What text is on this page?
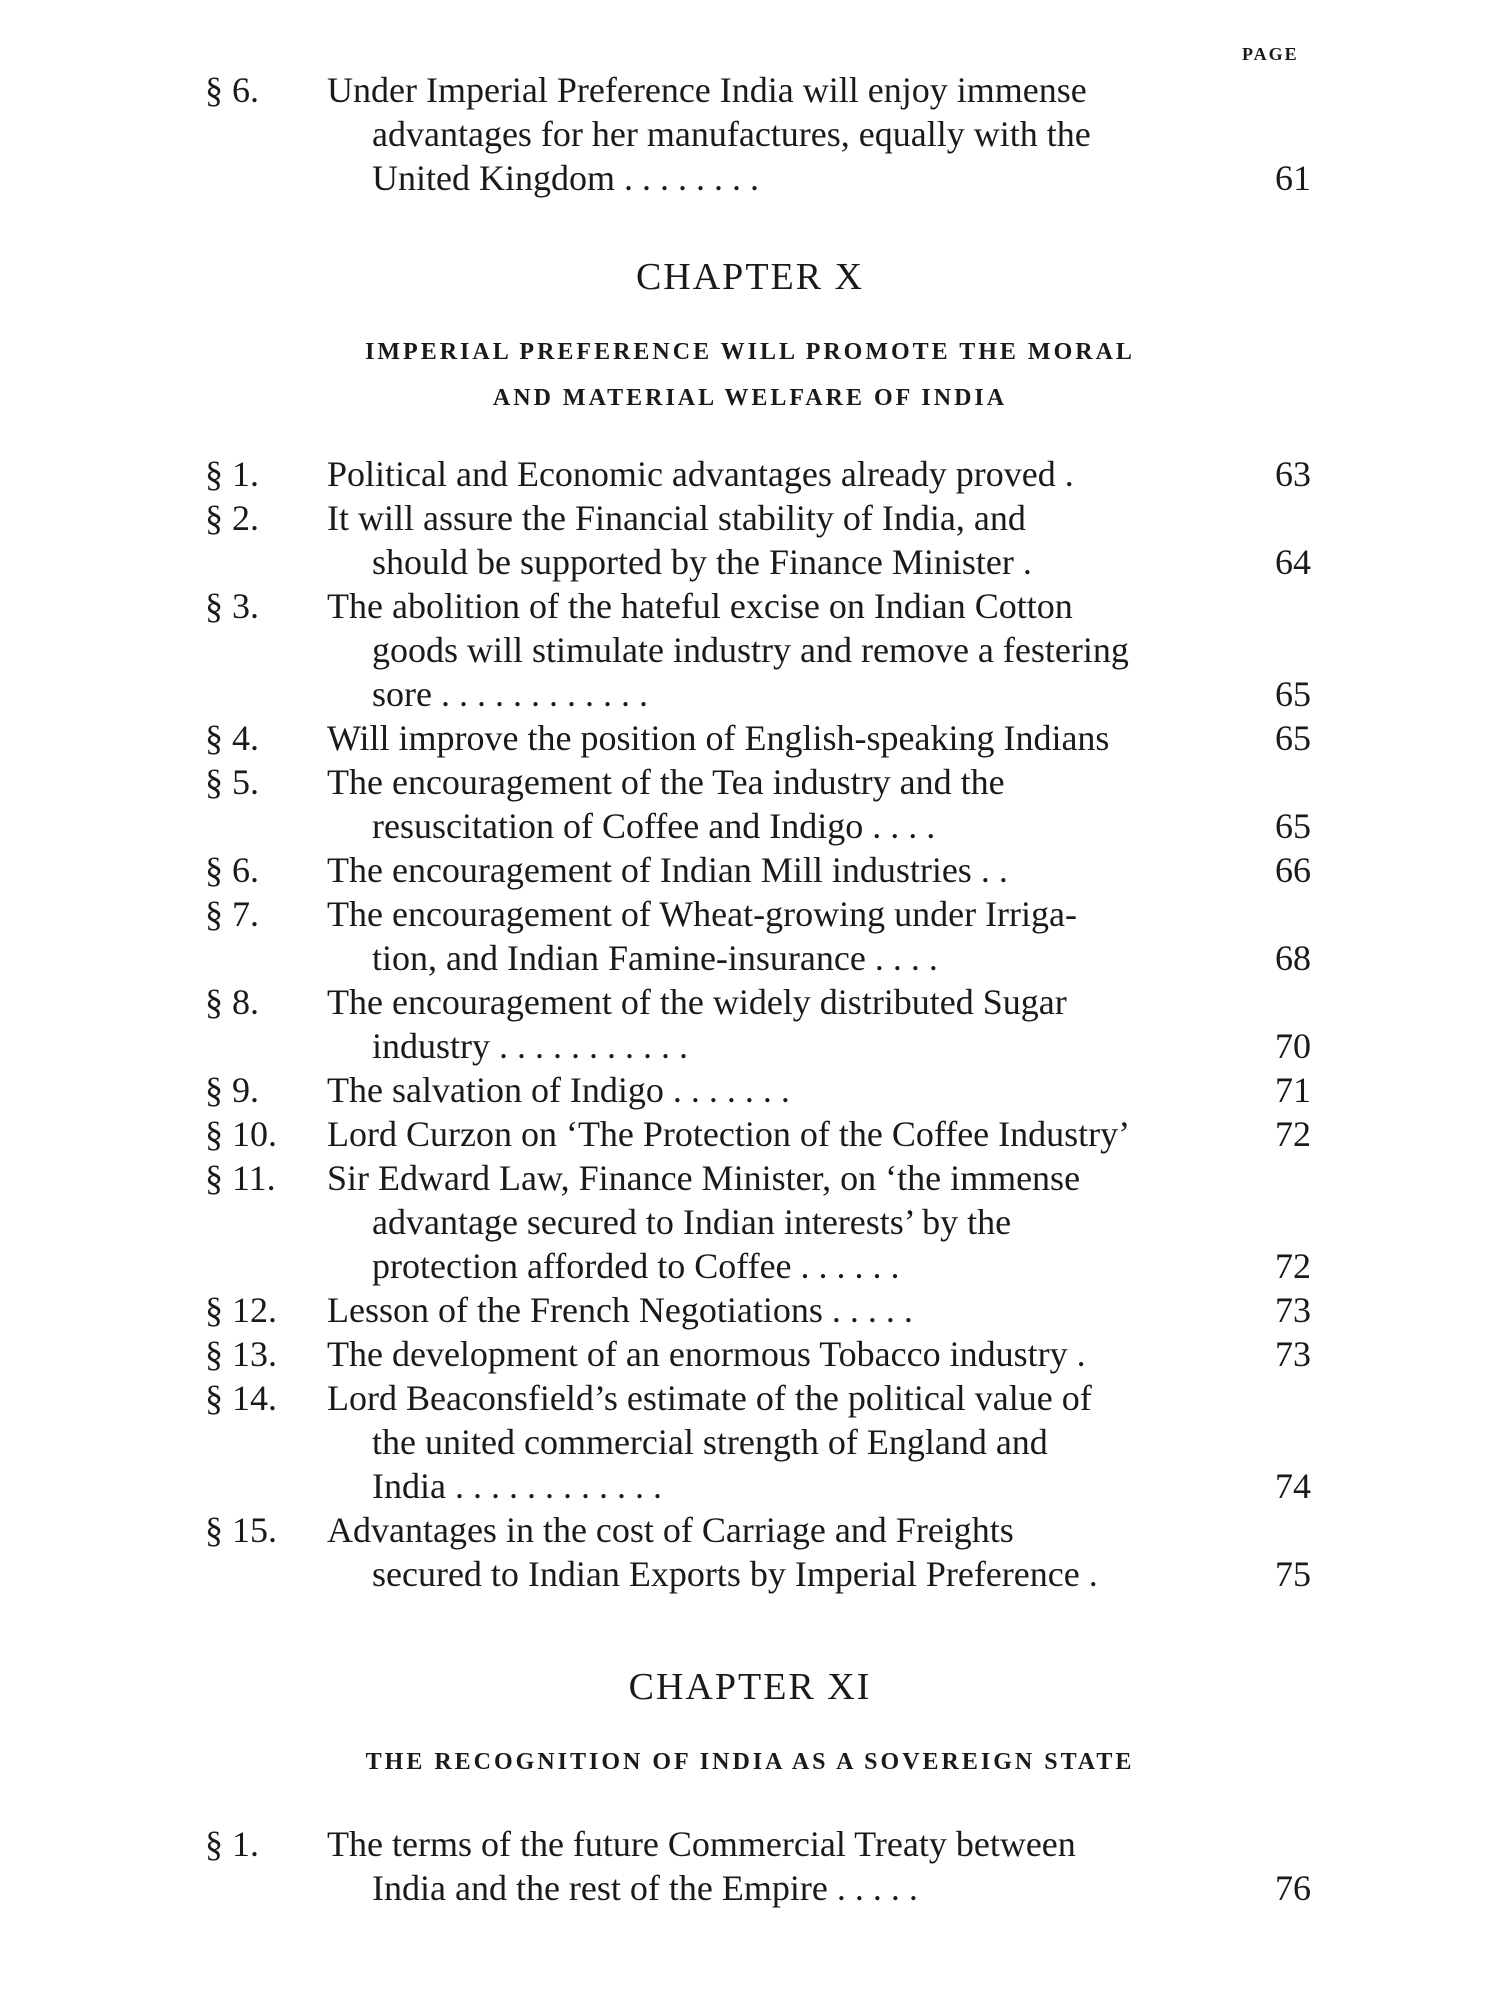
PAGE
§ 6.	Under Imperial Preference India will enjoy immense
advantages for her manufactures, equally with the
United Kingdom . . . . . . . .	61
CHAPTER X
IMPERIAL PREFERENCE WILL PROMOTE THE MORAL
AND MATERIAL WELFARE OF INDIA
§ 1.	Political and Economic advantages already proved .	63
§ 2.	It will assure the Financial stability of India, and
should be supported by the Finance Minister .	64
§ 3.	The abolition of the hateful excise on Indian Cotton
goods will stimulate industry and remove a festering
sore . . . . . . . . . . . .	65
§ 4.	Will improve the position of English-speaking Indians	65
§ 5.	The encouragement of the Tea industry and the
resuscitation of Coffee and Indigo . . . .	65
§ 6.	The encouragement of Indian Mill industries . .	66
§ 7.	The encouragement of Wheat-growing under Irriga-
tion, and Indian Famine-insurance . . . .	68
§ 8.	The encouragement of the widely distributed Sugar
industry . . . . . . . . . . .	70
§ 9.	The salvation of Indigo . . . . . . .	71
§ 10.	Lord Curzon on ‘The Protection of the Coffee Industry’	72
§ 11.	Sir Edward Law, Finance Minister, on ‘the immense
advantage secured to Indian interests’ by the
protection afforded to Coffee . . . . . .	72
§ 12.	Lesson of the French Negotiations . . . . .	73
§ 13.	The development of an enormous Tobacco industry .	73
§ 14.	Lord Beaconsfield’s estimate of the political value of
the united commercial strength of England and
India . . . . . . . . . . . .	74
§ 15.	Advantages in the cost of Carriage and Freights
secured to Indian Exports by Imperial Preference .	75
CHAPTER XI
THE RECOGNITION OF INDIA AS A SOVEREIGN STATE
§ 1.	The terms of the future Commercial Treaty between
India and the rest of the Empire . . . . .	76
